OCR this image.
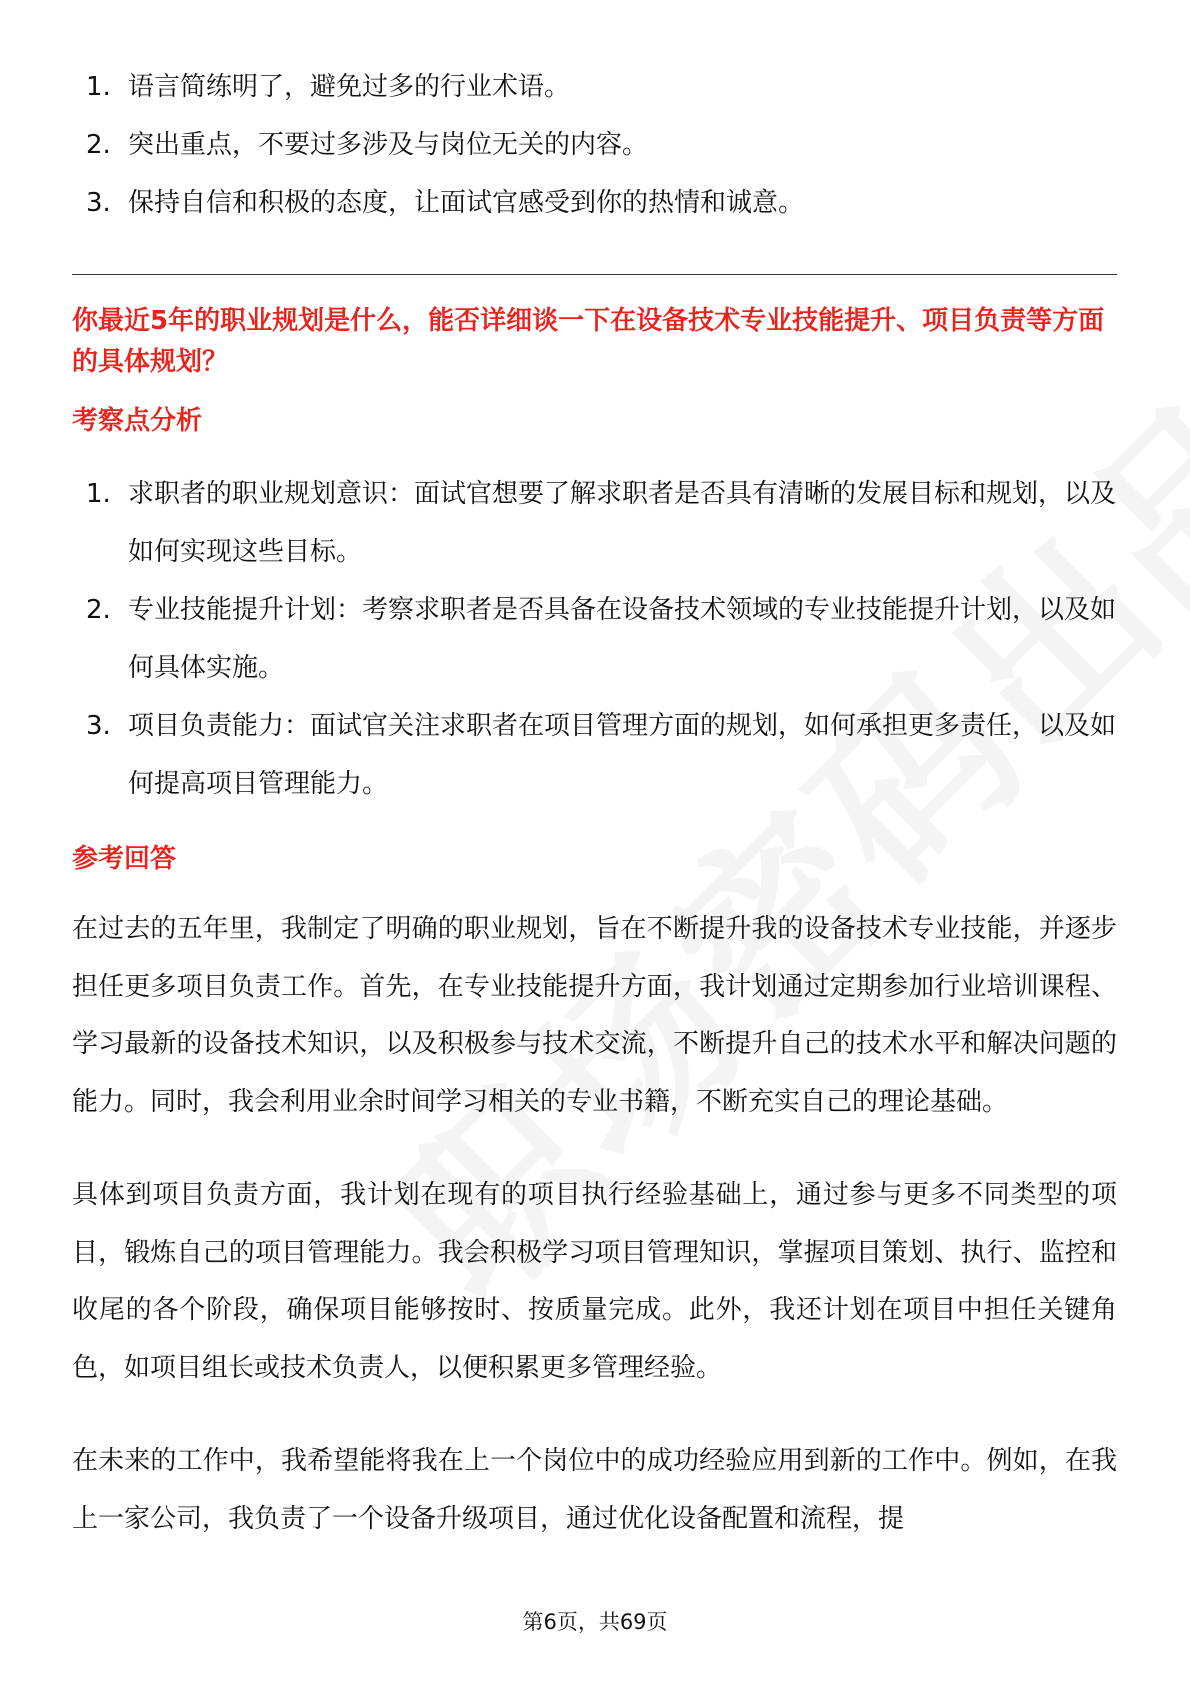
1. 语言简练明了，避免过多的行业术语。
2. 突出重点，不要过多涉及与岗位无关的内容。
3. 保持自信和积极的态度，让面试官感受到你的热情和诚意。
你最近5年的职业规划是什么，能否详细谈一下在设备技术专业技能提升、项目负责等方面的具体规划？
考察点分析
1. 求职者的职业规划意识：面试官想要了解求职者是否具有清晰的发展目标和规划，以及如何实现这些目标。
2. 专业技能提升计划：考察求职者是否具备在设备技术领域的专业技能提升计划，以及如何具体实施。
3. 项目负责能力：面试官关注求职者在项目管理方面的规划，如何承担更多责任，以及如何提高项目管理能力。
参考回答

在过去的五年里，我制定了明确的职业规划，旨在不断提升我的设备技术专业技能，并逐步担任更多项目负责工作。首先，在专业技能提升方面，我计划通过定期参加行业培训课程、学习最新的设备技术知识，以及积极参与技术交流，不断提升自己的技术水平和解决问题的能力。同时，我会利用业余时间学习相关的专业书籍，不断充实自己的理论基础。

具体到项目负责方面，我计划在现有的项目执行经验基础上，通过参与更多不同类型的项目，锻炼自己的项目管理能力。我会积极学习项目管理知识，掌握项目策划、执行、监控和收尾的各个阶段，确保项目能够按时、按质量完成。此外，我还计划在项目中担任关键角色，如项目组长或技术负责人，以便积累更多管理经验。

在未来的工作中，我希望能将我在上一个岗位中的成功经验应用到新的工作中。例如，在我上一家公司，我负责了一个设备升级项目，通过优化设备配置和流程，提

第6页，共69页
